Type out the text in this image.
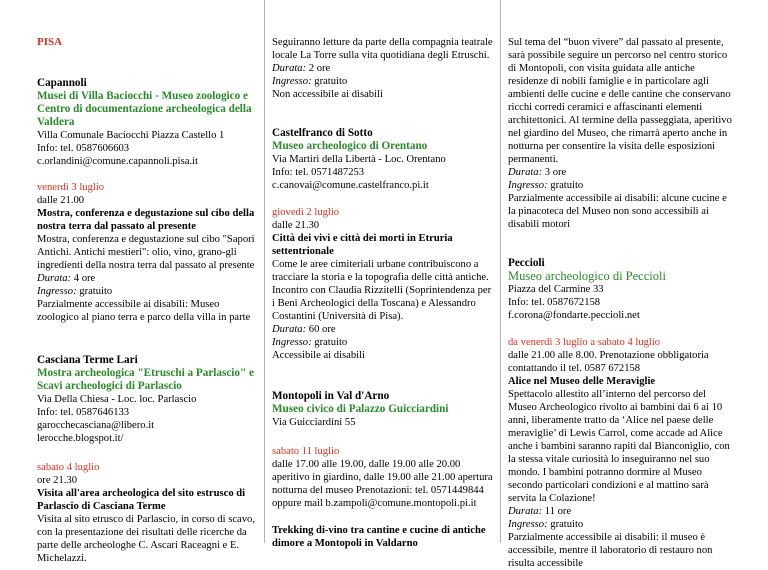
PISA

Capannoli

Musei di Villa Baciocchi - Museo zoologico e Centro di documentazione archeologica della Valdera

Villa Comunale Baciocchi Piazza Castello 1

Info: tel. 0587606603

c.orlandini@comune.capannoli.pisa.it

venerdì 3 luglio

dalle 21.00

Mostra, conferenza e degustazione sul cibo della nostra terra dal passato al presente

Mostra, conferenza e degustazione sul cibo "Sapori Antichi. Antichi mestieri": olio, vino, grano-gli ingredienti della nostra terra dal passato al presente

Durata: 4 ore

Ingresso: gratuito

Parzialmente accessibile ai disabili: Museo zoologico al piano terra e parco della villa in parte

Casciana Terme Lari

Mostra archeologica "Etruschi a Parlascio" e Scavi archeologici di Parlascio

Via Della Chiesa - Loc. loc. Parlascio

Info: tel. 0587646133

garocchecasciana@libero.it

lerocche.blogspot.it/

sabato 4 luglio

ore 21.30

Visita all'area archeologica del sito estrusco di Parlascio di Casciana Terme

Visita al sito etrusco di Parlascio, in corso di scavo, con la presentazione dei risultati delle ricerche da parte delle archeologhe C. Ascari Raceagni e E. Michelazzi.

Seguiranno letture da parte della compagnia teatrale locale La Torre sulla vita quotidiana degli Etruschi.

Durata: 2 ore

Ingresso: gratuito

Non accessibile ai disabili

Castelfranco di Sotto

Museo archeologico di Orentano

Via Martiri della Libertà - Loc. Orentano

Info: tel. 0571487253

c.canovai@comune.castelfranco.pi.it

giovedì 2 luglio

dalle 21.30

Città dei vivi e città dei morti in Etruria settentrionale

Come le aree cimiteriali urbane contribuiscono a tracciare la storia e la topografia delle città antiche. Incontro con Claudia Rizzitelli (Soprintendenza per i Beni Archeologici della Toscana) e Alessandro Costantini (Università di Pisa).

Durata: 60 ore

Ingresso: gratuito

Accessibile ai disabili

Montopoli in Val d'Arno

Museo civico di Palazzo Guicciardini

Via Guicciardini 55

sabato 11 luglio

dalle 17.00 alle 19.00, dalle 19.00 alle 20.00 aperitivo in giardino, dalle 19.00 alle 21.00 apertura notturna del museo Prenotazioni: tel. 0571449844 oppure mail b.zampoli@comune.montopoli.pi.it

Trekking di-vino tra cantine e cucine di antiche dimore a Montopoli in Valdarno

Sul tema del “buon vivere” dal passato al presente, sarà possibile seguire un percorso nel centro storico di Montopoli, con visita guidata alle antiche residenze di nobili famiglie e in particolare agli ambienti delle cucine e delle cantine che conservano ricchi corredi ceramici e affascinanti elementi architettonici. Al termine della passeggiata, aperitivo nel giardino del Museo, che rimarrà aperto anche in notturna per consentire la visita delle esposizioni permanenti.

Durata: 3 ore

Ingresso: gratuito

Parzialmente accessibile ai disabili: alcune cucine e la pinacoteca del Museo non sono accessibili ai disabili motori

Peccioli

Museo archeologico di Peccioli

Piazza del Carmine 33

Info: tel. 0587672158

f.corona@fondarte.peccioli.net

da venerdì 3 luglio a sabato 4 luglio

dalle 21.00 alle 8.00. Prenotazione obbligatoria contattando il tel. 0587 672158

Alice nel Museo delle Meraviglie

Spettacolo allestito all’interno del percorso del Museo Archeologico rivolto ai bambini dai 6 ai 10 anni, liberamente tratto da ‘Alice nel paese delle meraviglie’ di Lewis Carrol, come accade ad Alice anche i bambini saranno rapiti dal Bianconiglio, con la stessa vitale curiosità lo inseguiranno nel suo mondo. I bambini potranno dormire al Museo secondo particolari condizioni e al mattino sarà servita la Colazione!

Durata: 11 ore

Ingresso: gratuito

Parzialmente accessibile ai disabili: il museo è accessibile, mentre il laboratorio di restauro non risulta accessibile
